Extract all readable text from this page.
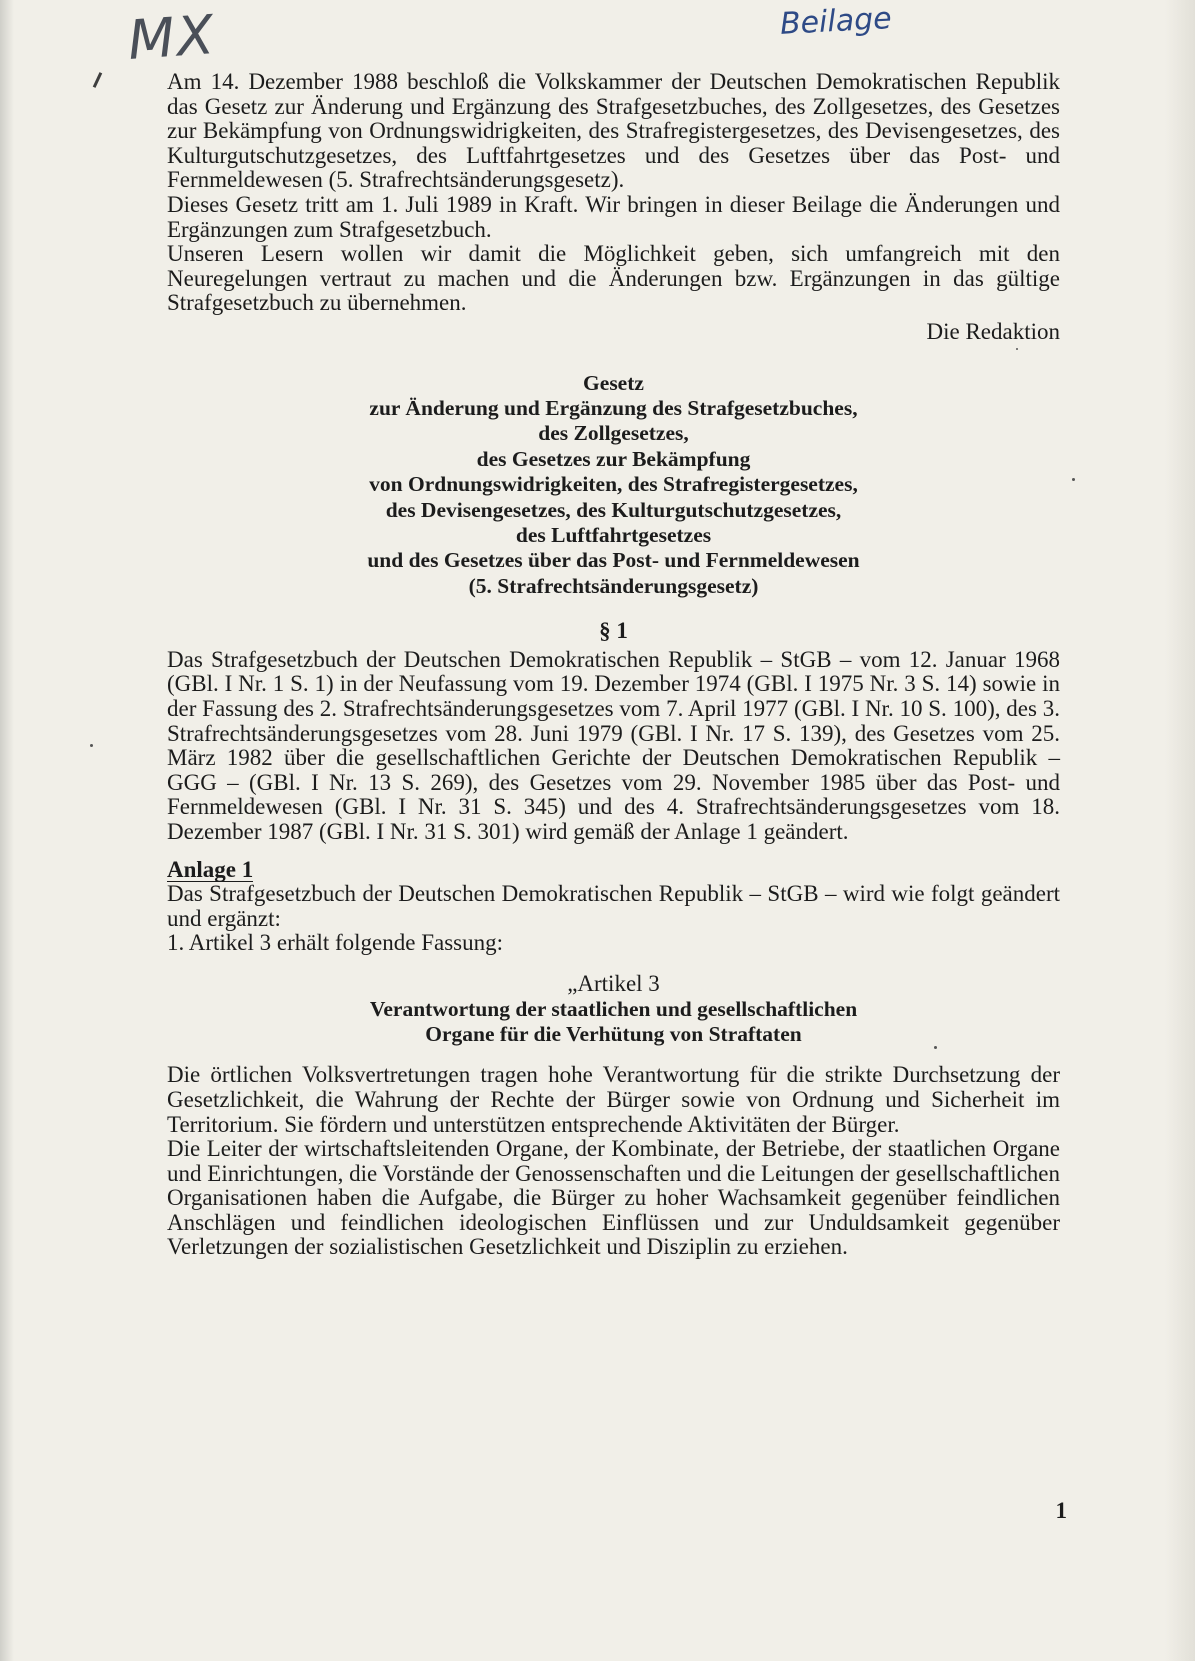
MX	Beilage

Am 14. Dezember 1988 beschloß die Volkskammer der Deutschen Demokratischen Republik das Gesetz zur Änderung und Ergänzung des Strafgesetzbuches, des Zollgesetzes, des Gesetzes zur Bekämpfung von Ordnungswidrigkeiten, des Strafregistergesetzes, des Devisengesetzes, des Kulturgutschutzgesetzes, des Luftfahrtgesetzes und des Gesetzes über das Post- und Fernmeldewesen (5. Strafrechtsänderungsgesetz).

Dieses Gesetz tritt am 1. Juli 1989 in Kraft. Wir bringen in dieser Beilage die Änderungen und Ergänzungen zum Strafgesetzbuch.

Unseren Lesern wollen wir damit die Möglichkeit geben, sich umfangreich mit den Neuregelungen vertraut zu machen und die Änderungen bzw. Ergänzungen in das gültige Strafgesetzbuch zu übernehmen.

Die Redaktion
Gesetz
zur Änderung und Ergänzung des Strafgesetzbuches,
des Zollgesetzes,
des Gesetzes zur Bekämpfung
von Ordnungswidrigkeiten, des Strafregistergesetzes,
des Devisengesetzes, des Kulturgutschutzgesetzes,
des Luftfahrtgesetzes
und des Gesetzes über das Post- und Fernmeldewesen
(5. Strafrechtsänderungsgesetz)
§ 1

Das Strafgesetzbuch der Deutschen Demokratischen Republik – StGB – vom 12. Januar 1968 (GBl. I Nr. 1 S. 1) in der Neufassung vom 19. Dezember 1974 (GBl. I 1975 Nr. 3 S. 14) sowie in der Fassung des 2. Strafrechtsänderungsgesetzes vom 7. April 1977 (GBl. I Nr. 10 S. 100), des 3. Strafrechtsänderungsgesetzes vom 28. Juni 1979 (GBl. I Nr. 17 S. 139), des Gesetzes vom 25. März 1982 über die gesellschaftlichen Gerichte der Deutschen Demokratischen Republik – GGG – (GBl. I Nr. 13 S. 269), des Gesetzes vom 29. November 1985 über das Post- und Fernmeldewesen (GBl. I Nr. 31 S. 345) und des 4. Strafrechtsänderungsgesetzes vom 18. Dezember 1987 (GBl. I Nr. 31 S. 301) wird gemäß der Anlage 1 geändert.

Anlage 1

Das Strafgesetzbuch der Deutschen Demokratischen Republik – StGB – wird wie folgt geändert und ergänzt:

1. Artikel 3 erhält folgende Fassung:

„Artikel 3
Verantwortung der staatlichen und gesellschaftlichen
Organe für die Verhütung von Straftaten

Die örtlichen Volksvertretungen tragen hohe Verantwortung für die strikte Durchsetzung der Gesetzlichkeit, die Wahrung der Rechte der Bürger sowie von Ordnung und Sicherheit im Territorium. Sie fördern und unterstützen entsprechende Aktivitäten der Bürger.

Die Leiter der wirtschaftsleitenden Organe, der Kombinate, der Betriebe, der staatlichen Organe und Einrichtungen, die Vorstände der Genossenschaften und die Leitungen der gesellschaftlichen Organisationen haben die Aufgabe, die Bürger zu hoher Wachsamkeit gegenüber feindlichen Anschlägen und feindlichen ideologischen Einflüssen und zur Unduldsamkeit gegenüber Verletzungen der sozialistischen Gesetzlichkeit und Disziplin zu erziehen.

1
